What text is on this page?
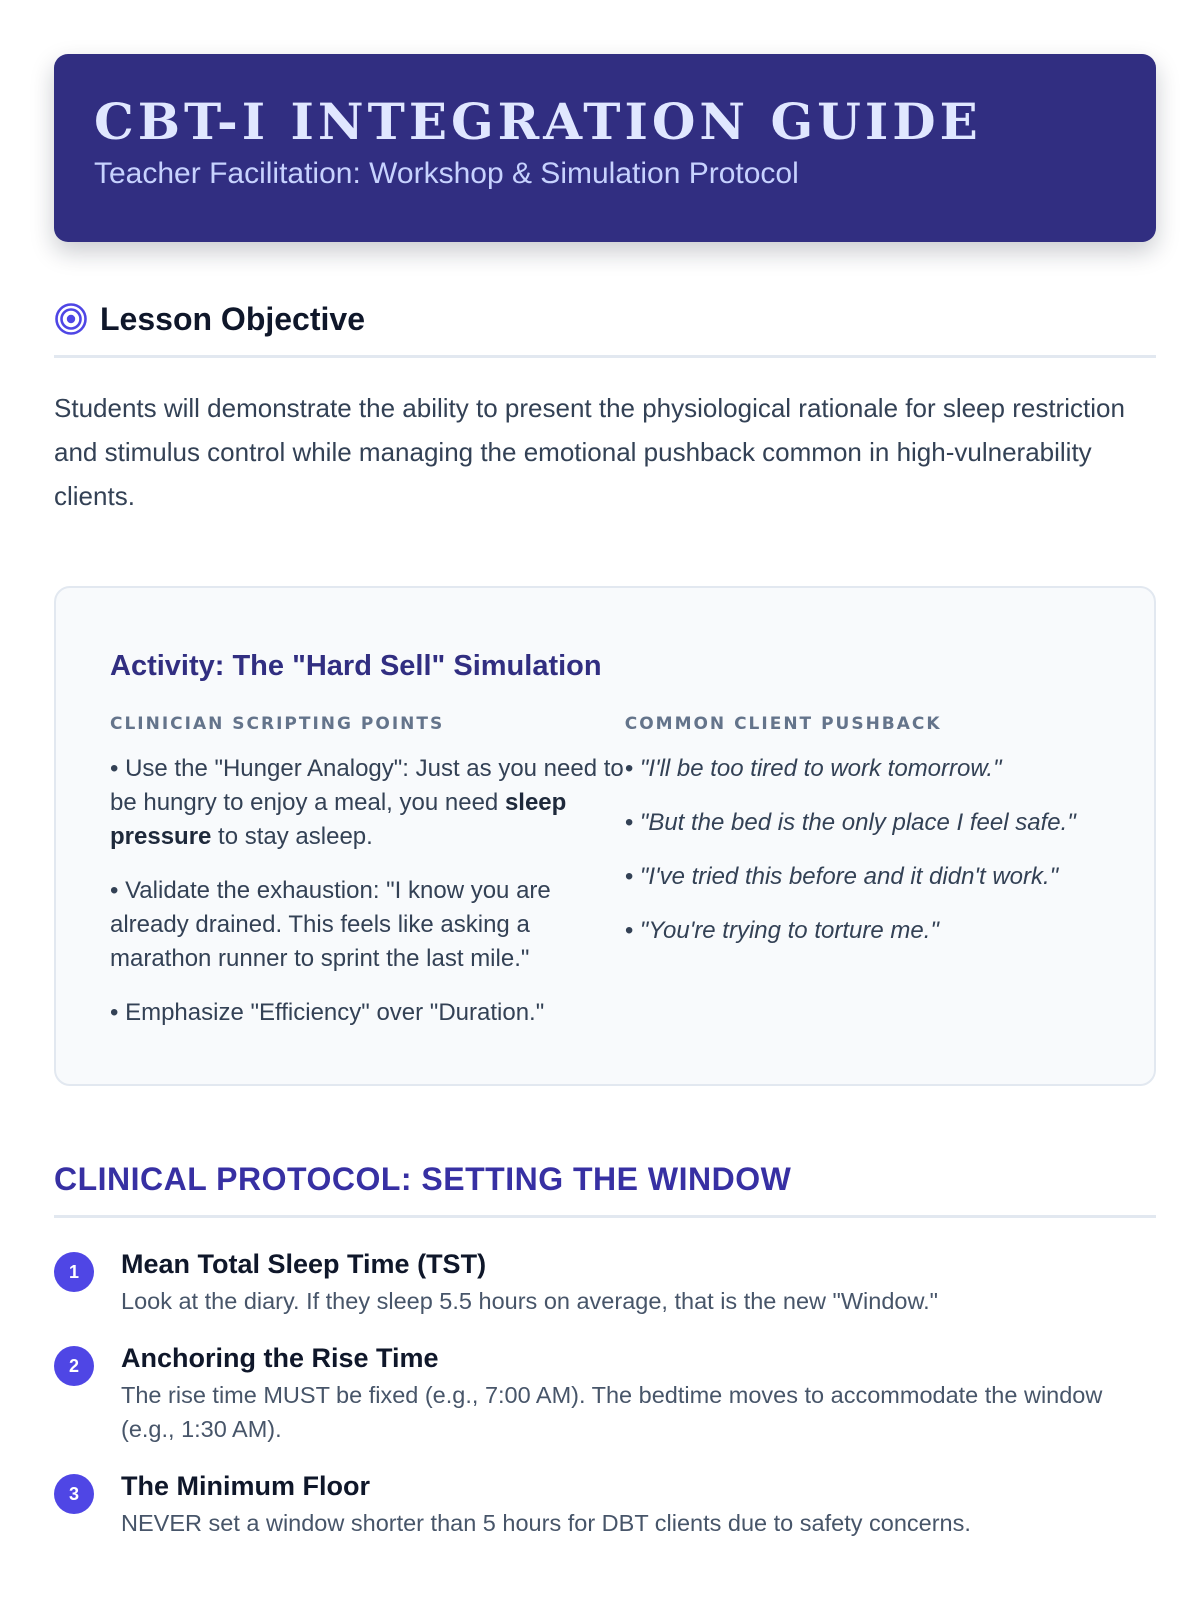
CBT-I INTEGRATION GUIDE
Teacher Facilitation: Workshop & Simulation Protocol
Lesson Objective
Students will demonstrate the ability to present the physiological rationale for sleep restriction and stimulus control while managing the emotional pushback common in high-vulnerability clients.
Activity: The "Hard Sell" Simulation
CLINICIAN SCRIPTING POINTS
• Use the "Hunger Analogy": Just as you need to be hungry to enjoy a meal, you need sleep pressure to stay asleep.
• Validate the exhaustion: "I know you are already drained. This feels like asking a marathon runner to sprint the last mile."
• Emphasize "Efficiency" over "Duration."
COMMON CLIENT PUSHBACK
• "I'll be too tired to work tomorrow."
• "But the bed is the only place I feel safe."
• "I've tried this before and it didn't work."
• "You're trying to torture me."
CLINICAL PROTOCOL: SETTING THE WINDOW
1	Mean Total Sleep Time (TST)
Look at the diary. If they sleep 5.5 hours on average, that is the new "Window."
2	Anchoring the Rise Time
The rise time MUST be fixed (e.g., 7:00 AM). The bedtime moves to accommodate the window (e.g., 1:30 AM).
3	The Minimum Floor
NEVER set a window shorter than 5 hours for DBT clients due to safety concerns.
